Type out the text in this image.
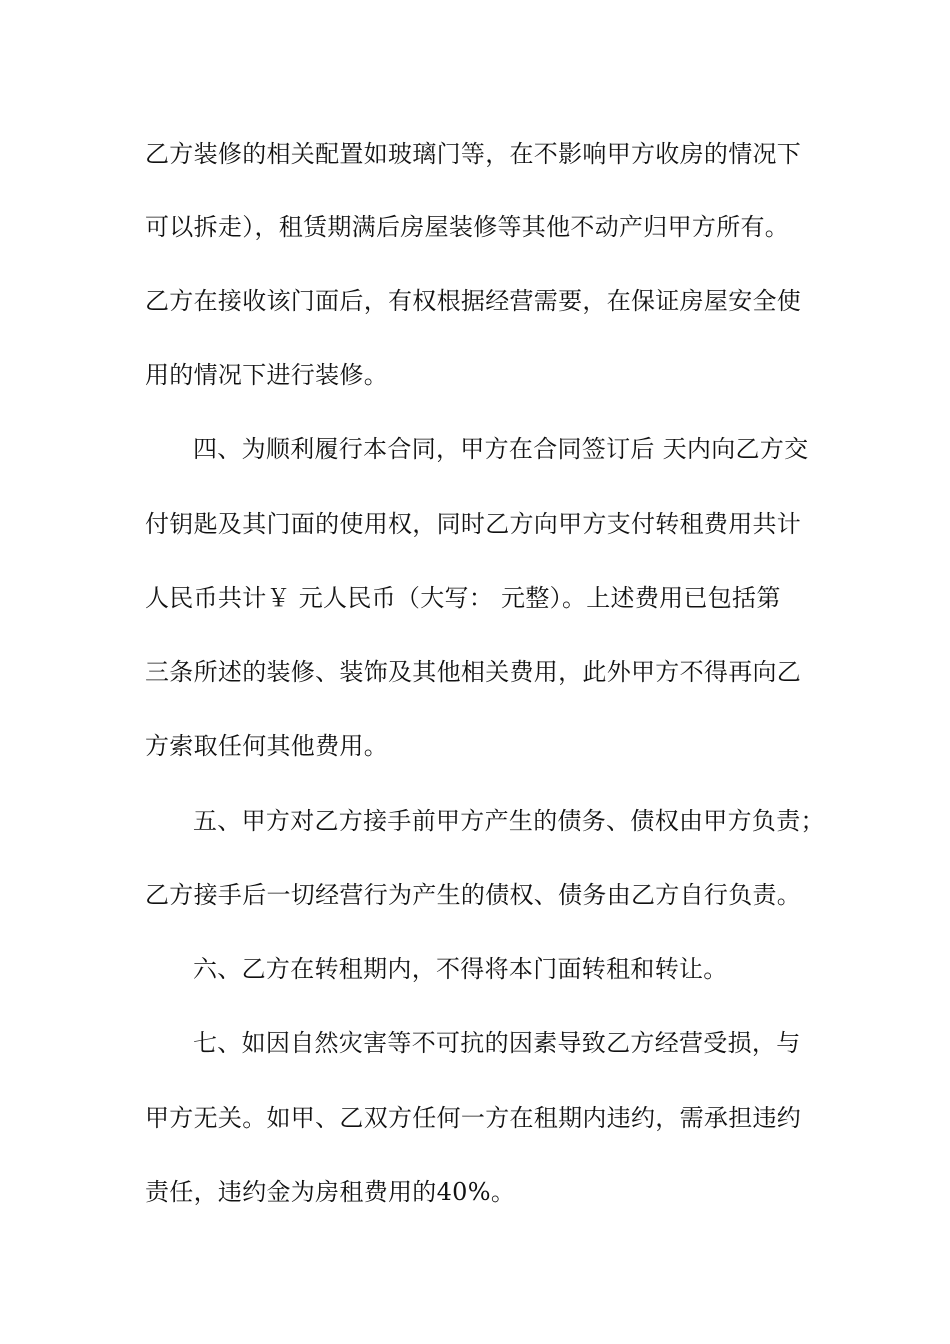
乙方装修的相关配置如玻璃门等，在不影响甲方收房的情况下
可以拆走），租赁期满后房屋装修等其他不动产归甲方所有。
乙方在接收该门面后，有权根据经营需要，在保证房屋安全使
用的情况下进行装修。
四、为顺利履行本合同，甲方在合同签订后 天内向乙方交
付钥匙及其门面的使用权，同时乙方向甲方支付转租费用共计
人民币共计￥ 元人民币（大写： 元整）。上述费用已包括第
三条所述的装修、装饰及其他相关费用，此外甲方不得再向乙
方索取任何其他费用。
五、甲方对乙方接手前甲方产生的债务、债权由甲方负责；
乙方接手后一切经营行为产生的债权、债务由乙方自行负责。
六、乙方在转租期内，不得将本门面转租和转让。
七、如因自然灾害等不可抗的因素导致乙方经营受损，与
甲方无关。如甲、乙双方任何一方在租期内违约，需承担违约
责任，违约金为房租费用的40%。
